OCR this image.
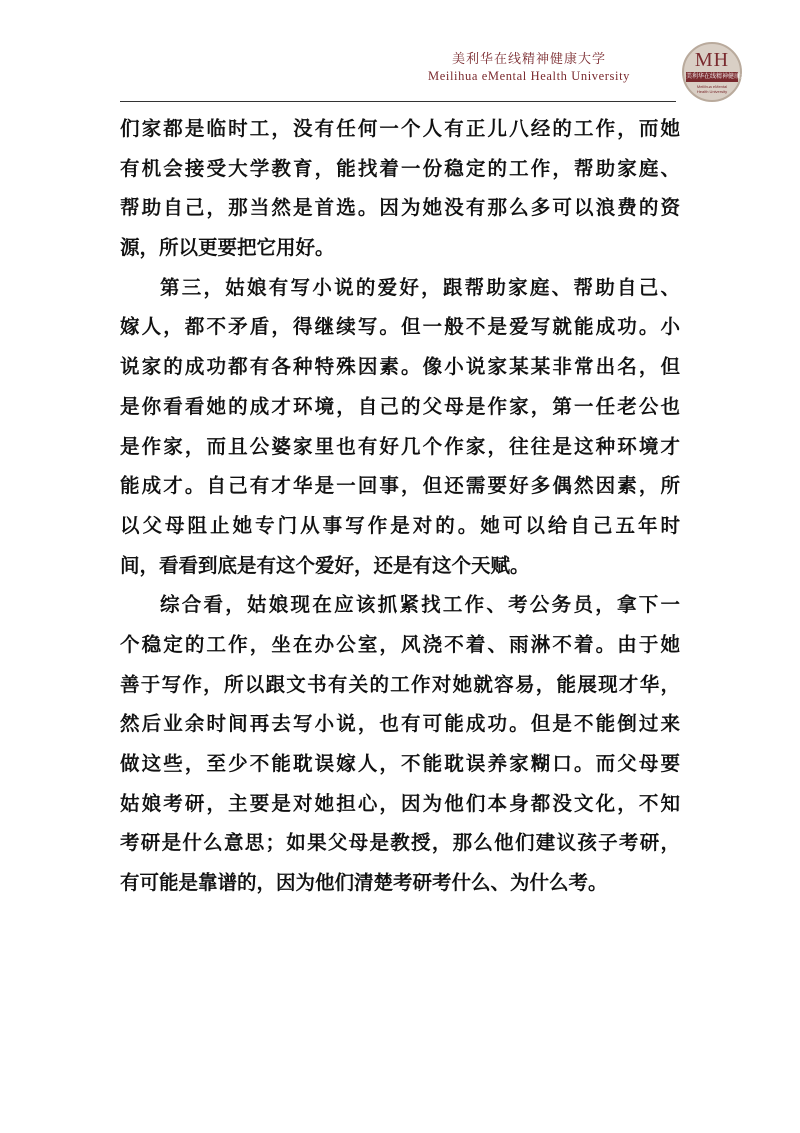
美利华在线精神健康大学
Meilihua eMental Health University
MH
美利华在线精神健康大学
Meilihua eMental
Health University
们家都是临时工，没有任何一个人有正儿八经的工作，而她
有机会接受大学教育，能找着一份稳定的工作，帮助家庭、
帮助自己，那当然是首选。因为她没有那么多可以浪费的资
源，所以更要把它用好。
第三，姑娘有写小说的爱好，跟帮助家庭、帮助自己、
嫁人，都不矛盾，得继续写。但一般不是爱写就能成功。小
说家的成功都有各种特殊因素。像小说家某某非常出名，但
是你看看她的成才环境，自己的父母是作家，第一任老公也
是作家，而且公婆家里也有好几个作家，往往是这种环境才
能成才。自己有才华是一回事，但还需要好多偶然因素，所
以父母阻止她专门从事写作是对的。她可以给自己五年时
间，看看到底是有这个爱好，还是有这个天赋。
综合看，姑娘现在应该抓紧找工作、考公务员，拿下一
个稳定的工作，坐在办公室，风浇不着、雨淋不着。由于她
善于写作，所以跟文书有关的工作对她就容易，能展现才华，
然后业余时间再去写小说，也有可能成功。但是不能倒过来
做这些，至少不能耽误嫁人，不能耽误养家糊口。而父母要
姑娘考研，主要是对她担心，因为他们本身都没文化，不知
考研是什么意思；如果父母是教授，那么他们建议孩子考研，
有可能是靠谱的，因为他们清楚考研考什么、为什么考。
